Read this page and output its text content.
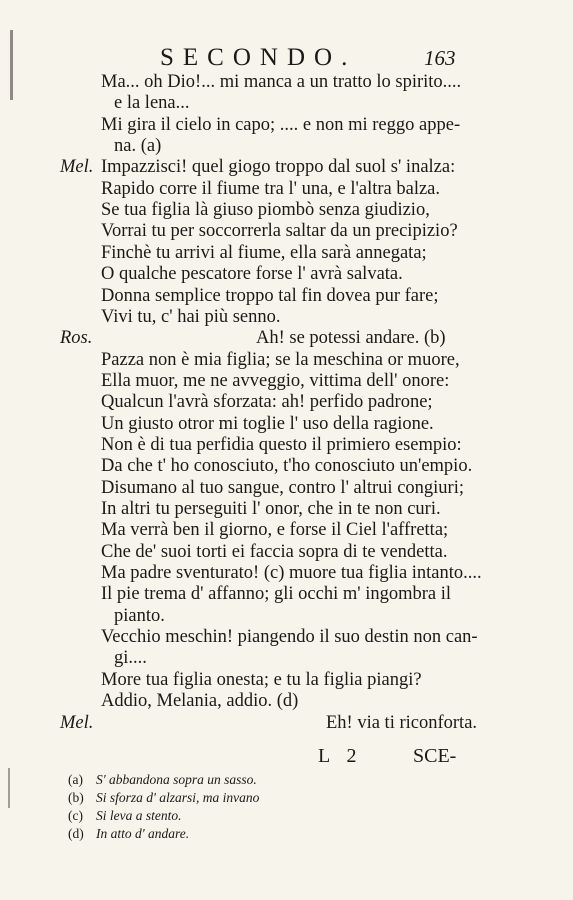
SECONDO.	163
Ma... oh Dio!... mi manca a un tratto lo spirito....
e la lena...
Mi gira il cielo in capo; .... e non mi reggo appe-
na. (a)
Mel. Impazzisci! quel giogo troppo dal suol s' inalza:
Rapido corre il fiume tra l' una, e l'altra balza.
Se tua figlia là giuso piombò senza giudizio,
Vorrai tu per soccorrerla saltar da un precipizio?
Finchè tu arrivi al fiume, ella sarà annegata;
O qualche pescatore forse l' avrà salvata.
Donna semplice troppo tal fin dovea pur fare;
Vivi tu, c' hai più senno.
Ros.	Ah! se potessi andare. (b)
Pazza non è mia figlia; se la meschina or muore,
Ella muor, me ne avveggio, vittima dell' onore:
Qualcun l'avrà sforzata: ah! perfido padrone;
Un giusto otror mi toglie l' uso della ragione.
Non è di tua perfidia questo il primiero esempio:
Da che t' ho conosciuto, t'ho conosciuto un'empio.
Disumano al tuo sangue, contro l' altrui congiuri;
In altri tu perseguiti l' onor, che in te non curi.
Ma verrà ben il giorno, e forse il Ciel l'affretta;
Che de' suoi torti ei faccia sopra di te vendetta.
Ma padre sventurato! (c) muore tua figlia intanto....
Il pie trema d' affanno; gli occhi m' ingombra il
pianto.
Vecchio meschin! piangendo il suo destin non can-
gi....
More tua figlia onesta; e tu la figlia piangi?
Addio, Melania, addio. (d)
Mel.	Eh! via ti riconforta.
L 2	SCE-
(a) S' abbandona sopra un sasso.
(b) Si sforza d' alzarsi, ma invano
(c) Si leva a stento.
(d) In atto d' andare.
